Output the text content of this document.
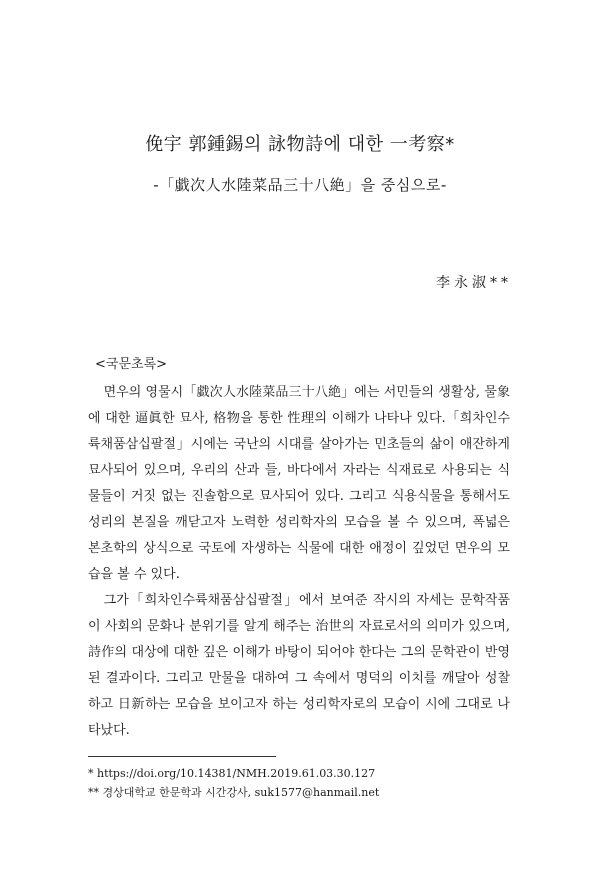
俛宇 郭鍾錫의 詠物詩에 대한 一考察*
-「戱次人水陸菜品三十八絶」을 중심으로-
李永淑**
<국문초록>

면우의 영물시「戱次人水陸菜品三十八絶」에는 서민들의 생활상, 물象에 대한 逼眞한 묘사, 格物을 통한 性理의 이해가 나타나 있다.「희차인수륙채품삼십팔절」시에는 국난의 시대를 살아가는 민초들의 삶이 애잔하게 묘사되어 있으며, 우리의 산과 들, 바다에서 자라는 식재료로 사용되는 식물들이 거짓 없는 진솔함으로 묘사되어 있다. 그리고 식용식물을 통해서도 성리의 본질을 깨닫고자 노력한 성리학자의 모습을 볼 수 있으며, 폭넓은 본초학의 상식으로 국토에 자생하는 식물에 대한 애정이 깊었던 면우의 모습을 볼 수 있다.

그가「희차인수륙채품삼십팔절」에서 보여준 작시의 자세는 문학작품이 사회의 문화나 분위기를 알게 해주는 治世의 자료로서의 의미가 있으며, 詩作의 대상에 대한 깊은 이해가 바탕이 되어야 한다는 그의 문학관이 반영된 결과이다. 그리고 만물을 대하여 그 속에서 명덕의 이치를 깨달아 성찰하고 日新하는 모습을 보이고자 하는 성리학자로의 모습이 시에 그대로 나타났다.

* https://doi.org/10.14381/NMH.2019.61.03.30.127
** 경상대학교 한문학과 시간강사, suk1577@hanmail.net
